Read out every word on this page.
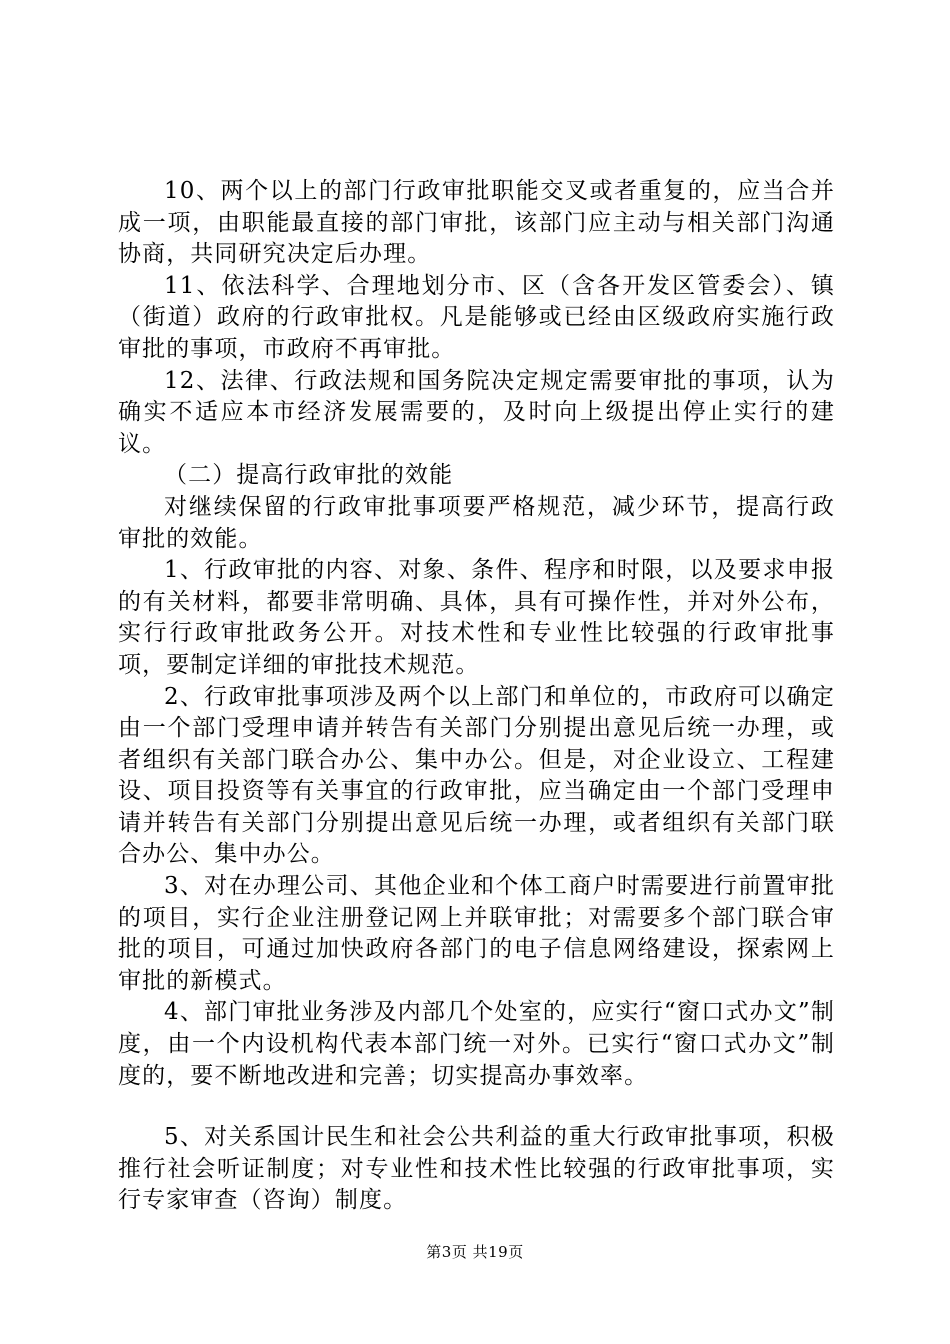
10、两个以上的部门行政审批职能交叉或者重复的，应当合并成一项，由职能最直接的部门审批，该部门应主动与相关部门沟通协商，共同研究决定后办理。

11、依法科学、合理地划分市、区（含各开发区管委会）、镇（街道）政府的行政审批权。凡是能够或已经由区级政府实施行政审批的事项，市政府不再审批。

12、法律、行政法规和国务院决定规定需要审批的事项，认为确实不适应本市经济发展需要的，及时向上级提出停止实行的建议。

（二）提高行政审批的效能

对继续保留的行政审批事项要严格规范，减少环节，提高行政审批的效能。

1、行政审批的内容、对象、条件、程序和时限，以及要求申报的有关材料，都要非常明确、具体，具有可操作性，并对外公布，实行行政审批政务公开。对技术性和专业性比较强的行政审批事项，要制定详细的审批技术规范。

2、行政审批事项涉及两个以上部门和单位的，市政府可以确定由一个部门受理申请并转告有关部门分别提出意见后统一办理，或者组织有关部门联合办公、集中办公。但是，对企业设立、工程建设、项目投资等有关事宜的行政审批，应当确定由一个部门受理申请并转告有关部门分别提出意见后统一办理，或者组织有关部门联合办公、集中办公。

3、对在办理公司、其他企业和个体工商户时需要进行前置审批的项目，实行企业注册登记网上并联审批；对需要多个部门联合审批的项目，可通过加快政府各部门的电子信息网络建设，探索网上审批的新模式。

4、部门审批业务涉及内部几个处室的，应实行“窗口式办文”制度，由一个内设机构代表本部门统一对外。已实行“窗口式办文”制度的，要不断地改进和完善；切实提高办事效率。

5、对关系国计民生和社会公共利益的重大行政审批事项，积极推行社会听证制度；对专业性和技术性比较强的行政审批事项，实行专家审查（咨询）制度。

第3页 共19页
